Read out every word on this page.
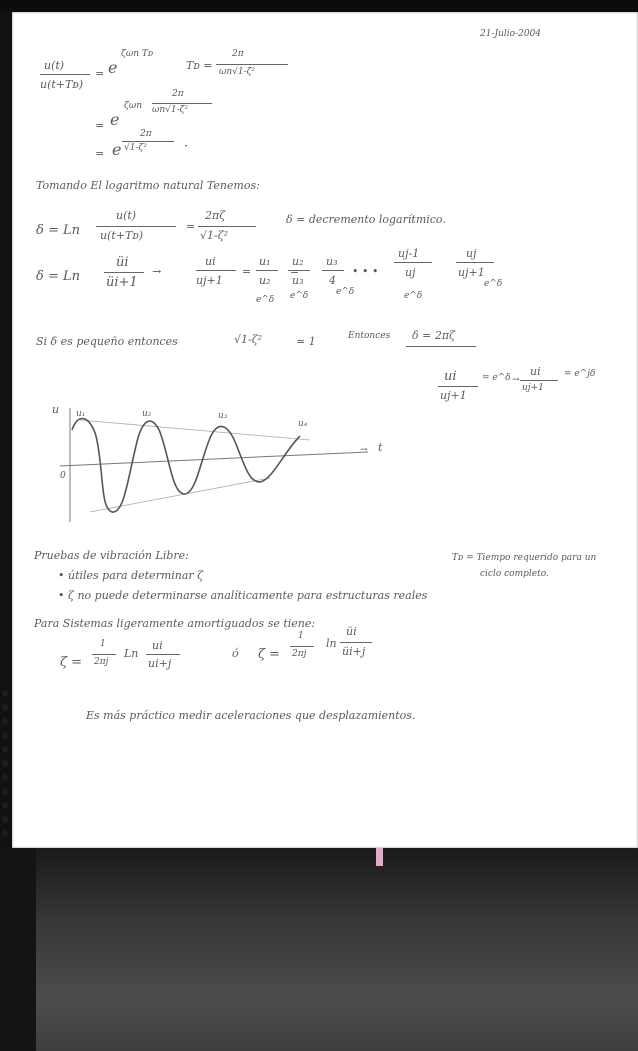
21-Julio-2004
u(t)
u(t+Tᴅ)
= e
ζωn Tᴅ
Tᴅ =
2π
ωn√1-ζ²
= e
ζωn
2π
ωn√1-ζ²
= e
2π
√1-ζ²	·
Tomando El logaritmo natural Tenemos:
δ = Ln
u(t)
u(t+Tᴅ)
=
2πζ
√1-ζ²
δ = decremento logarítmico.
δ = Ln
üi
üi+1
→
ui
uj+1
=
u₁
u₂
=
u₂
u₃
u₃
4
• • •
uj-1
uj
uj
uj+1
e^δ e^δ	e^δ	e^δ
e^δ
Si δ es pequeño entonces	√1-ζ²	≃ 1	Entonces δ = 2πζ
ui
uj+1
= e^δ →
ui
uj+1
= e^jδ
u u₁	u₂	u₃
u₄
→ t
0
Pruebas de vibración Libre:
• útiles para determinar ζ
• ζ no puede determinarse analíticamente para estructuras reales
Tᴅ = Tiempo requerido para un
ciclo completo.
Para Sistemas ligeramente amortiguados se tiene:
ζ =
1
2πj
Ln
ui
ui+j
ó ζ =
1
2πj
ln
üi
üi+j
Es más práctico medir aceleraciones que desplazamientos.
